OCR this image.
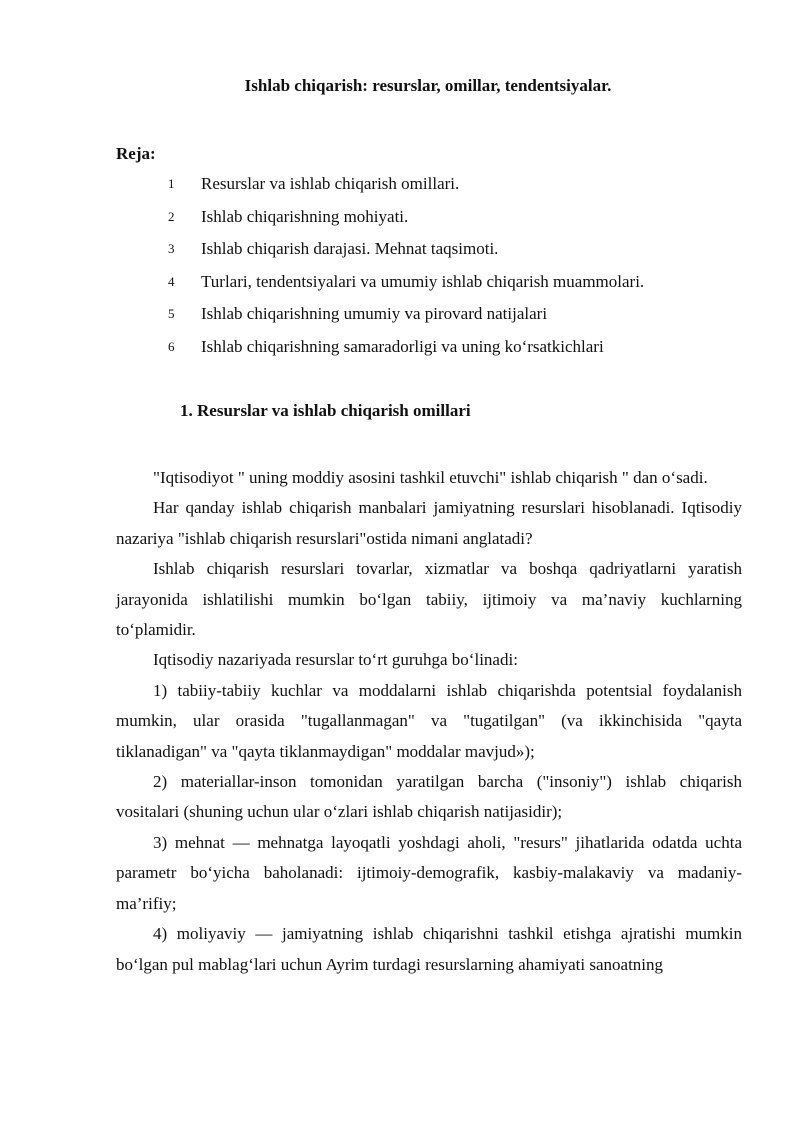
Ishlab chiqarish: resurslar, omillar, tendentsiyalar.
Reja:
1 Resurslar va ishlab chiqarish omillari.
2 Ishlab chiqarishning mohiyati.
3 Ishlab chiqarish darajasi. Mehnat taqsimoti.
4 Turlari, tendentsiyalari va umumiy ishlab chiqarish muammolari.
5 Ishlab chiqarishning umumiy va pirovard natijalari
6 Ishlab chiqarishning samaradorligi va uning ko‘rsatkichlari
1. Resurslar va ishlab chiqarish omillari

"Iqtisodiyot " uning moddiy asosini tashkil etuvchi" ishlab chiqarish " dan o‘sadi.

Har qanday ishlab chiqarish manbalari jamiyatning resurslari hisoblanadi. Iqtisodiy nazariya "ishlab chiqarish resurslari"ostida nimani anglatadi?

Ishlab chiqarish resurslari tovarlar, xizmatlar va boshqa qadriyatlarni yaratish jarayonida ishlatilishi mumkin bo‘lgan tabiiy, ijtimoiy va ma’naviy kuchlarning to‘plamidir.

Iqtisodiy nazariyada resurslar to‘rt guruhga bo‘linadi:

1) tabiiy-tabiiy kuchlar va moddalarni ishlab chiqarishda potentsial foydalanish mumkin, ular orasida "tugallanmagan" va "tugatilgan" (va ikkinchisida "qayta tiklanadigan" va "qayta tiklanmaydigan" moddalar mavjud»);

2) materiallar-inson tomonidan yaratilgan barcha ("insoniy") ishlab chiqarish vositalari (shuning uchun ular o‘zlari ishlab chiqarish natijasidir);

3) mehnat — mehnatga layoqatli yoshdagi aholi, "resurs" jihatlarida odatda uchta parametr bo‘yicha baholanadi: ijtimoiy-demografik, kasbiy-malakaviy va madaniy-ma’rifiy;

4) moliyaviy — jamiyatning ishlab chiqarishni tashkil etishga ajratishi mumkin bo‘lgan pul mablag‘lari uchun Ayrim turdagi resurslarning ahamiyati sanoatning
